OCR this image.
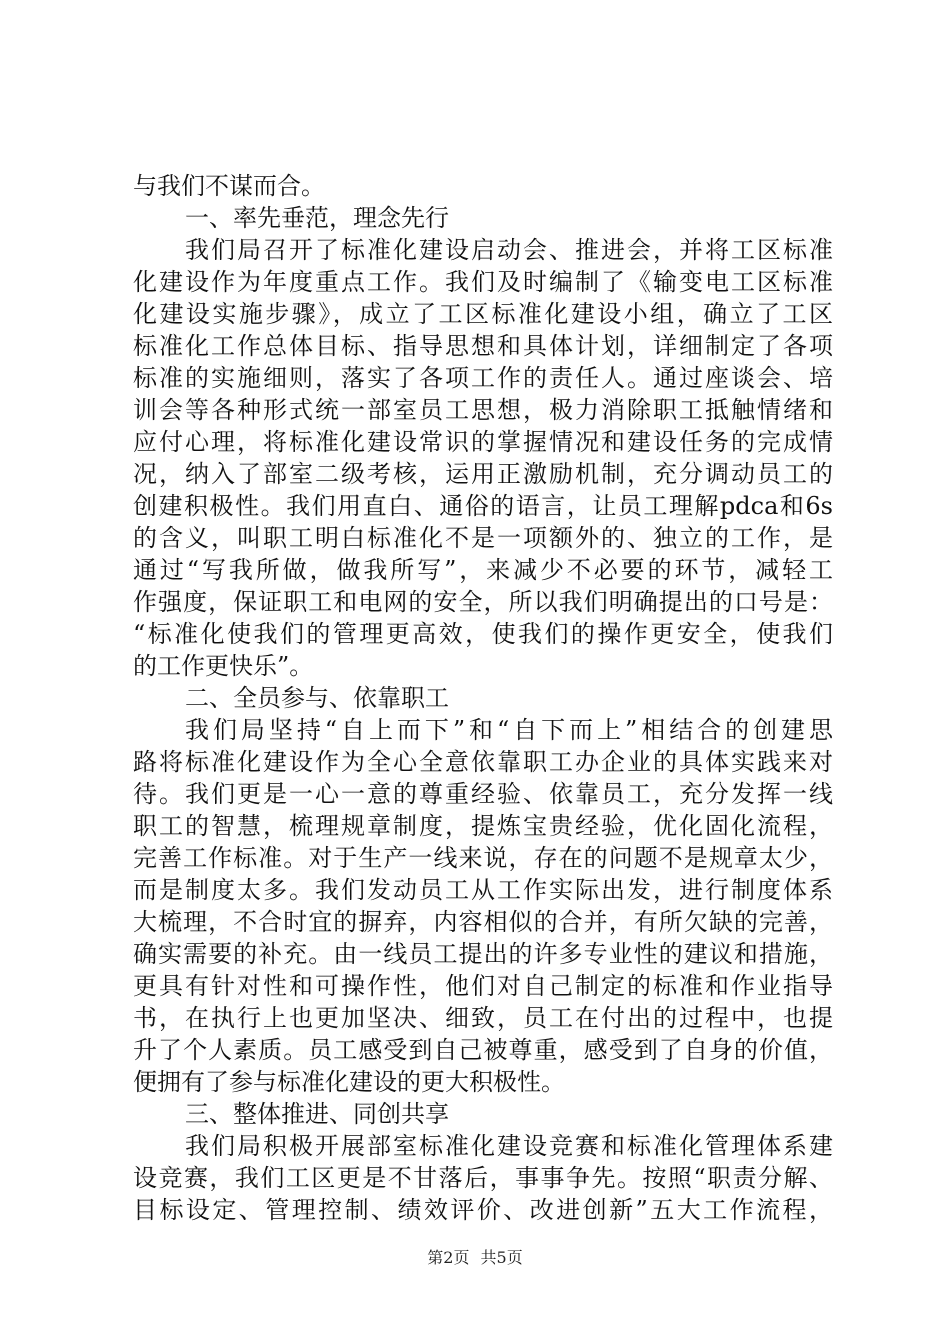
与我们不谋而合。
一、率先垂范，理念先行
我们局召开了标准化建设启动会、推进会，并将工区标准
化建设作为年度重点工作。我们及时编制了《输变电工区标准
化建设实施步骤》，成立了工区标准化建设小组，确立了工区
标准化工作总体目标、指导思想和具体计划，详细制定了各项
标准的实施细则，落实了各项工作的责任人。通过座谈会、培
训会等各种形式统一部室员工思想，极力消除职工抵触情绪和
应付心理，将标准化建设常识的掌握情况和建设任务的完成情
况，纳入了部室二级考核，运用正激励机制，充分调动员工的
创建积极性。我们用直白、通俗的语言，让员工理解pdca和6s
的含义，叫职工明白标准化不是一项额外的、独立的工作，是
通过“写我所做，做我所写”，来减少不必要的环节，减轻工
作强度，保证职工和电网的安全，所以我们明确提出的口号是：
“标准化使我们的管理更高效，使我们的操作更安全，使我们
的工作更快乐”。
二、全员参与、依靠职工
我们局坚持“自上而下”和“自下而上”相结合的创建思
路将标准化建设作为全心全意依靠职工办企业的具体实践来对
待。我们更是一心一意的尊重经验、依靠员工，充分发挥一线
职工的智慧，梳理规章制度，提炼宝贵经验，优化固化流程，
完善工作标准。对于生产一线来说，存在的问题不是规章太少，
而是制度太多。我们发动员工从工作实际出发，进行制度体系
大梳理，不合时宜的摒弃，内容相似的合并，有所欠缺的完善，
确实需要的补充。由一线员工提出的许多专业性的建议和措施，
更具有针对性和可操作性，他们对自己制定的标准和作业指导
书，在执行上也更加坚决、细致，员工在付出的过程中，也提
升了个人素质。员工感受到自己被尊重，感受到了自身的价值，
便拥有了参与标准化建设的更大积极性。
三、整体推进、同创共享
我们局积极开展部室标准化建设竞赛和标准化管理体系建
设竞赛，我们工区更是不甘落后，事事争先。按照“职责分解、
目标设定、管理控制、绩效评价、改进创新”五大工作流程，
第2页 共5页
